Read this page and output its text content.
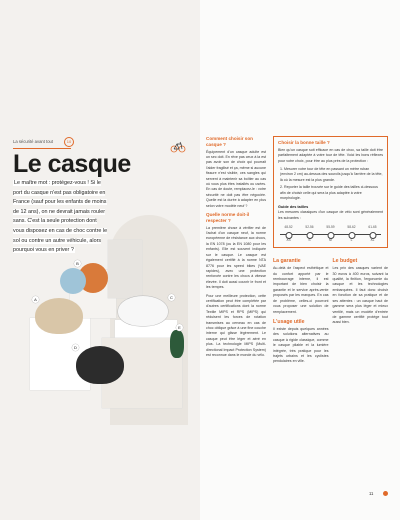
La sécurité avant tout	10
Le casque
Le maître mot : protégez-vous ! Si le port du casque n'est pas obligatoire en France (sauf pour les enfants de moins de 12 ans), on ne devrait jamais rouler sans. C'est la seule protection dont vous disposez en cas de choc contre le sol ou contre un autre véhicule, alors pourquoi vous en priver ?
A
B
C
D
E
Comment choisir son casque ?

Équipement d'un casque adulte est un sec doit. En rêve pas ceux à la est pas avoir son de choix qui pourrait l'aider fragilisé et ça, même si aucune fissure n'est visible, ces sangles qui servent à maintenir sa boîtier au cas où vous plus êtes installés ou usées. En cas de doute, remplacez-le : votre sécurité ne doit pas être négociée. Quelle est la durée à adapter en plus selon votre modèle neuf ?

Quelle norme doit-il respecter ?

La première chose à vérifier est de l'achat d'un casque neuf, la norme européenne de résistance aux chocs, la EN 1078 (ou la EN 1080 pour les enfants). Elle est souvent indiquée sur le casque. Le casque est également certifié à la norme NTA 8776 pour les speed bikes (VAE rapides), avec une protection renforcée contre les chocs à vitesse élevée. Il doit aussi couvrir le front et les tempes.

Pour une meilleure protection, cette certification peut être complétée par d'autres certifications dont la norme Textile MIPS et RPS (MIPS) qui réduisent les forces de rotation transmises au cerveau en cas de choc oblique grâce à une fine couche interne qui glisse légèrement. Le casque peut être léger et aéré en plus. La technologie MIPS (Multi-directional Impact Protection System) est reconnue dans le monde du vélo.

Choisir la bonne taille ?

Bien qu'un casque soit efficace en cas de choc, sa taille doit être parfaitement adaptée à votre tour de tête. Voici les bons réflexes pour votre choix, pour être au plus près de la protection :

1. Mesurer votre tour de tête en passant un mètre ruban (environ 2 cm) au-dessus des sourcils jusqu'à l'arrière de la tête, là où la mesure est la plus grande.
2. Reporter la taille trouvée sur le guide des tailles ci-dessous afin de choisir celle qui sera la plus adaptée à votre morphologie.
Guide des tailles

Les mesures classiques d'un casque de vélo sont généralement les suivantes :

48-52	52-56	55-59	58-62	61-65
XS	S	M	L	XL
La garantie

Au-delà de l'aspect esthétique et du confort apporté par le rembourrage interne, il est important de bien choisir la garantie et le service après-vente proposés par les marques. En cas de problème, celles-ci pourront vous proposer une solution de remplacement.

L'usage utile

Il existe depuis quelques années des solutions alternatives au casque à rigide classique, comme le casque pliable et la lumière intégrée, très pratique pour les trajets urbains et les cyclistes pendulaires en ville.

Le budget

Les prix des casques varient de 30 euros à 400 euros, suivant la qualité, la finition, l'ergonomie du casque et les technologies embarquées. Il faut donc choisir en fonction de sa pratique et de ses attentes : un casque haut de gamme sera plus léger et mieux ventilé, mais un modèle d'entrée de gamme certifié protège tout aussi bien.

11
